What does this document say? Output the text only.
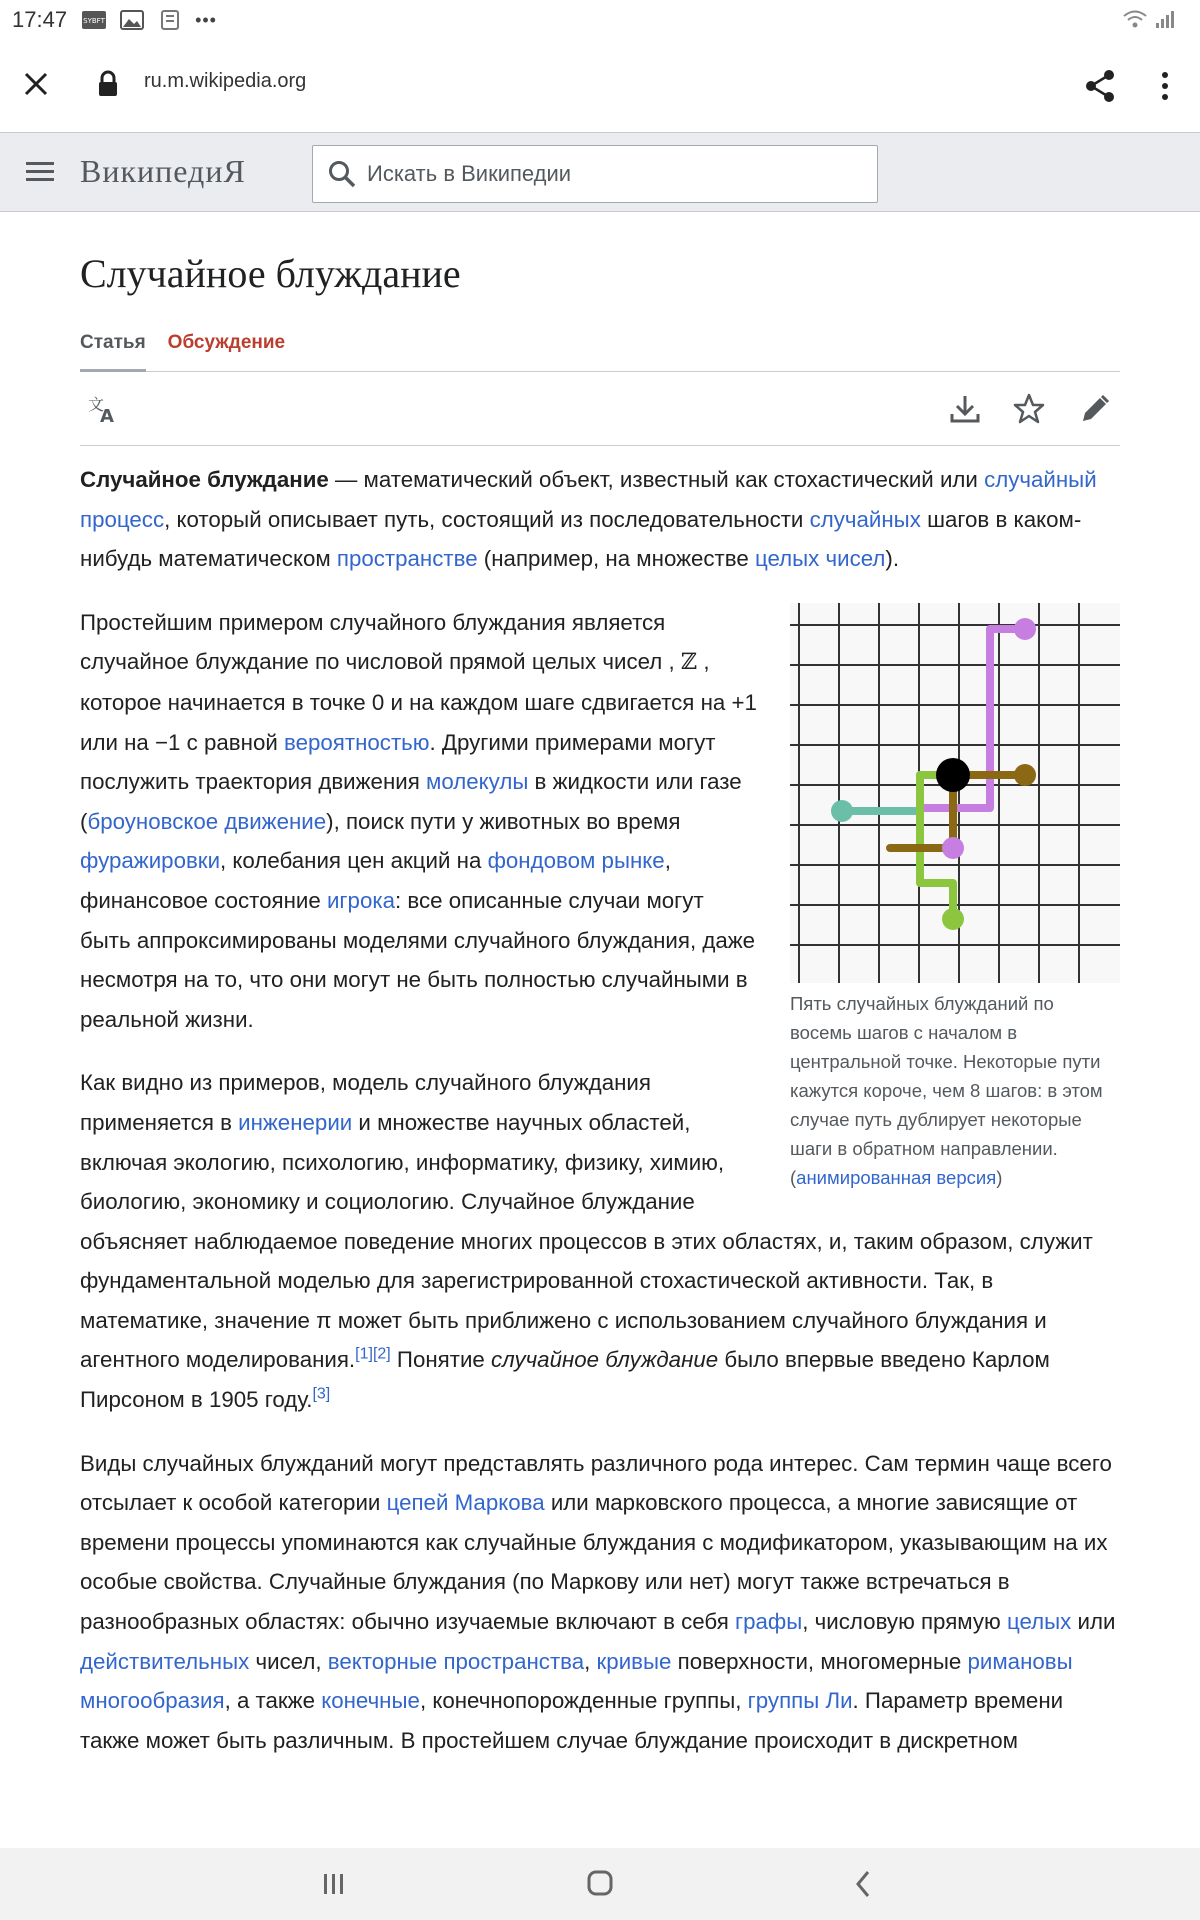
17:47 SYBFT	•••
ru.m.wikipedia.org
ВикипедиЯ
Искать в Википедии
Случайное блуждание
Статья Обсуждение
文
A

Случайное блуждание — математический объект, известный как стохастический или случайный процесс, который описывает путь, состоящий из последовательности случайных шагов в каком-нибудь математическом пространстве (например, на множестве целых чисел).

Пять случайных блужданий по восемь шагов с началом в центральной точке. Некоторые пути кажутся короче, чем 8 шагов: в этом случае путь дублирует некоторые шаги в обратном направлении. (анимированная версия)

Простейшим примером случайного блуждания является случайное блуждание по числовой прямой целых чисел , ℤ , которое начинается в точке 0 и на каждом шаге сдвигается на +1 или на −1 с равной вероятностью. Другими примерами могут послужить траектория движения молекулы в жидкости или газе (броуновское движение), поиск пути у животных во время фуражировки, колебания цен акций на фондовом рынке, финансовое состояние игрока: все описанные случаи могут быть аппроксимированы моделями случайного блуждания, даже несмотря на то, что они могут не быть полностью случайными в реальной жизни.

Как видно из примеров, модель случайного блуждания применяется в инженерии и множестве научных областей, включая экологию, психологию, информатику, физику, химию, биологию, экономику и социологию. Случайное блуждание объясняет наблюдаемое поведение многих процессов в этих областях, и, таким образом, служит фундаментальной моделью для зарегистрированной стохастической активности. Так, в математике, значение π может быть приближено с использованием случайного блуждания и агентного моделирования.[1][2] Понятие случайное блуждание было впервые введено Карлом Пирсоном в 1905 году.[3]

Виды случайных блужданий могут представлять различного рода интерес. Сам термин чаще всего отсылает к особой категории цепей Маркова или марковского процесса, а многие зависящие от времени процессы упоминаются как случайные блуждания с модификатором, указывающим на их особые свойства. Случайные блуждания (по Маркову или нет) могут также встречаться в разнообразных областях: обычно изучаемые включают в себя графы, числовую прямую целых или действительных чисел, векторные пространства, кривые поверхности, многомерные римановы многообразия, а также конечные, конечнопорожденные группы, группы Ли. Параметр времени также может быть различным. В простейшем случае блуждание происходит в дискретном
